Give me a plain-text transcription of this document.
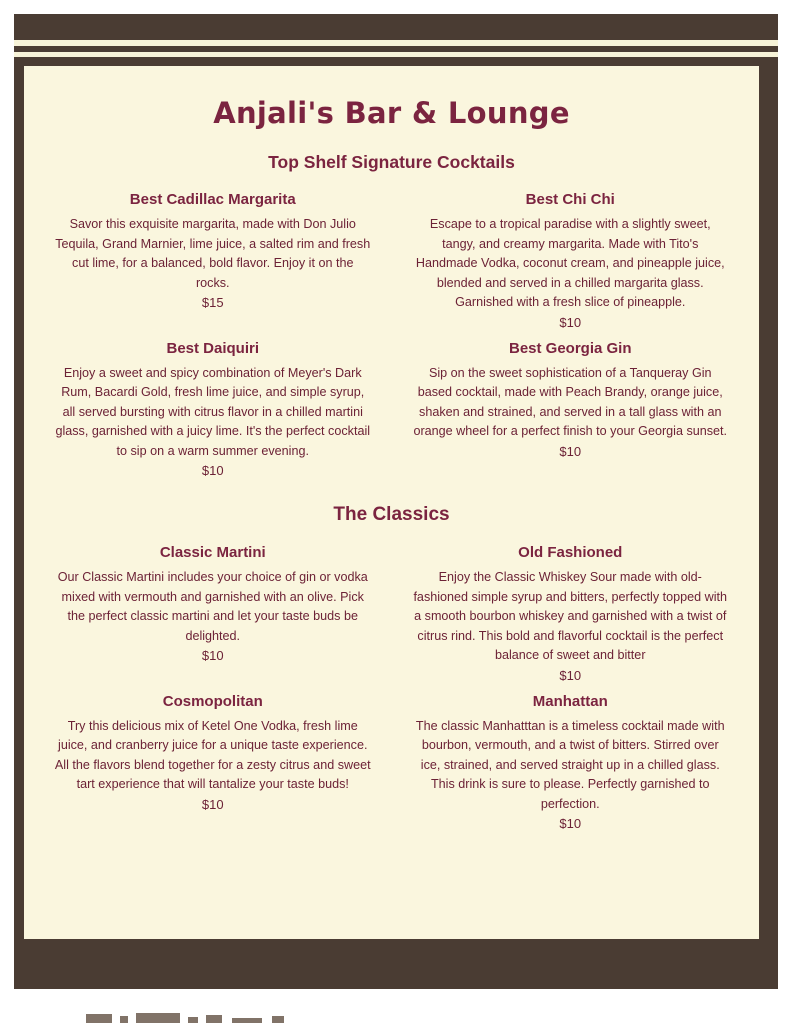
Anjali's Bar & Lounge
Top Shelf Signature Cocktails
Best Cadillac Margarita

Savor this exquisite margarita, made with Don Julio Tequila, Grand Marnier, lime juice, a salted rim and fresh cut lime, for a balanced, bold flavor. Enjoy it on the rocks.

$15
Best Chi Chi

Escape to a tropical paradise with a slightly sweet, tangy, and creamy margarita. Made with Tito's Handmade Vodka, coconut cream, and pineapple juice, blended and served in a chilled margarita glass. Garnished with a fresh slice of pineapple.

$10
Best Daiquiri

Enjoy a sweet and spicy combination of Meyer's Dark Rum, Bacardi Gold, fresh lime juice, and simple syrup, all served bursting with citrus flavor in a chilled martini glass, garnished with a juicy lime. It's the perfect cocktail to sip on a warm summer evening.

$10
Best Georgia Gin

Sip on the sweet sophistication of a Tanqueray Gin based cocktail, made with Peach Brandy, orange juice, shaken and strained, and served in a tall glass with an orange wheel for a perfect finish to your Georgia sunset.

$10
The Classics
Classic Martini

Our Classic Martini includes your choice of gin or vodka mixed with vermouth and garnished with an olive. Pick the perfect classic martini and let your taste buds be delighted.

$10
Old Fashioned

Enjoy the Classic Whiskey Sour made with old-fashioned simple syrup and bitters, perfectly topped with a smooth bourbon whiskey and garnished with a twist of citrus rind. This bold and flavorful cocktail is the perfect balance of sweet and bitter

$10
Cosmopolitan

Try this delicious mix of Ketel One Vodka, fresh lime juice, and cranberry juice for a unique taste experience. All the flavors blend together for a zesty citrus and sweet tart experience that will tantalize your taste buds!

$10
Manhattan

The classic Manhatttan is a timeless cocktail made with bourbon, vermouth, and a twist of bitters. Stirred over ice, strained, and served straight up in a chilled glass. This drink is sure to please. Perfectly garnished to perfection.

$10
